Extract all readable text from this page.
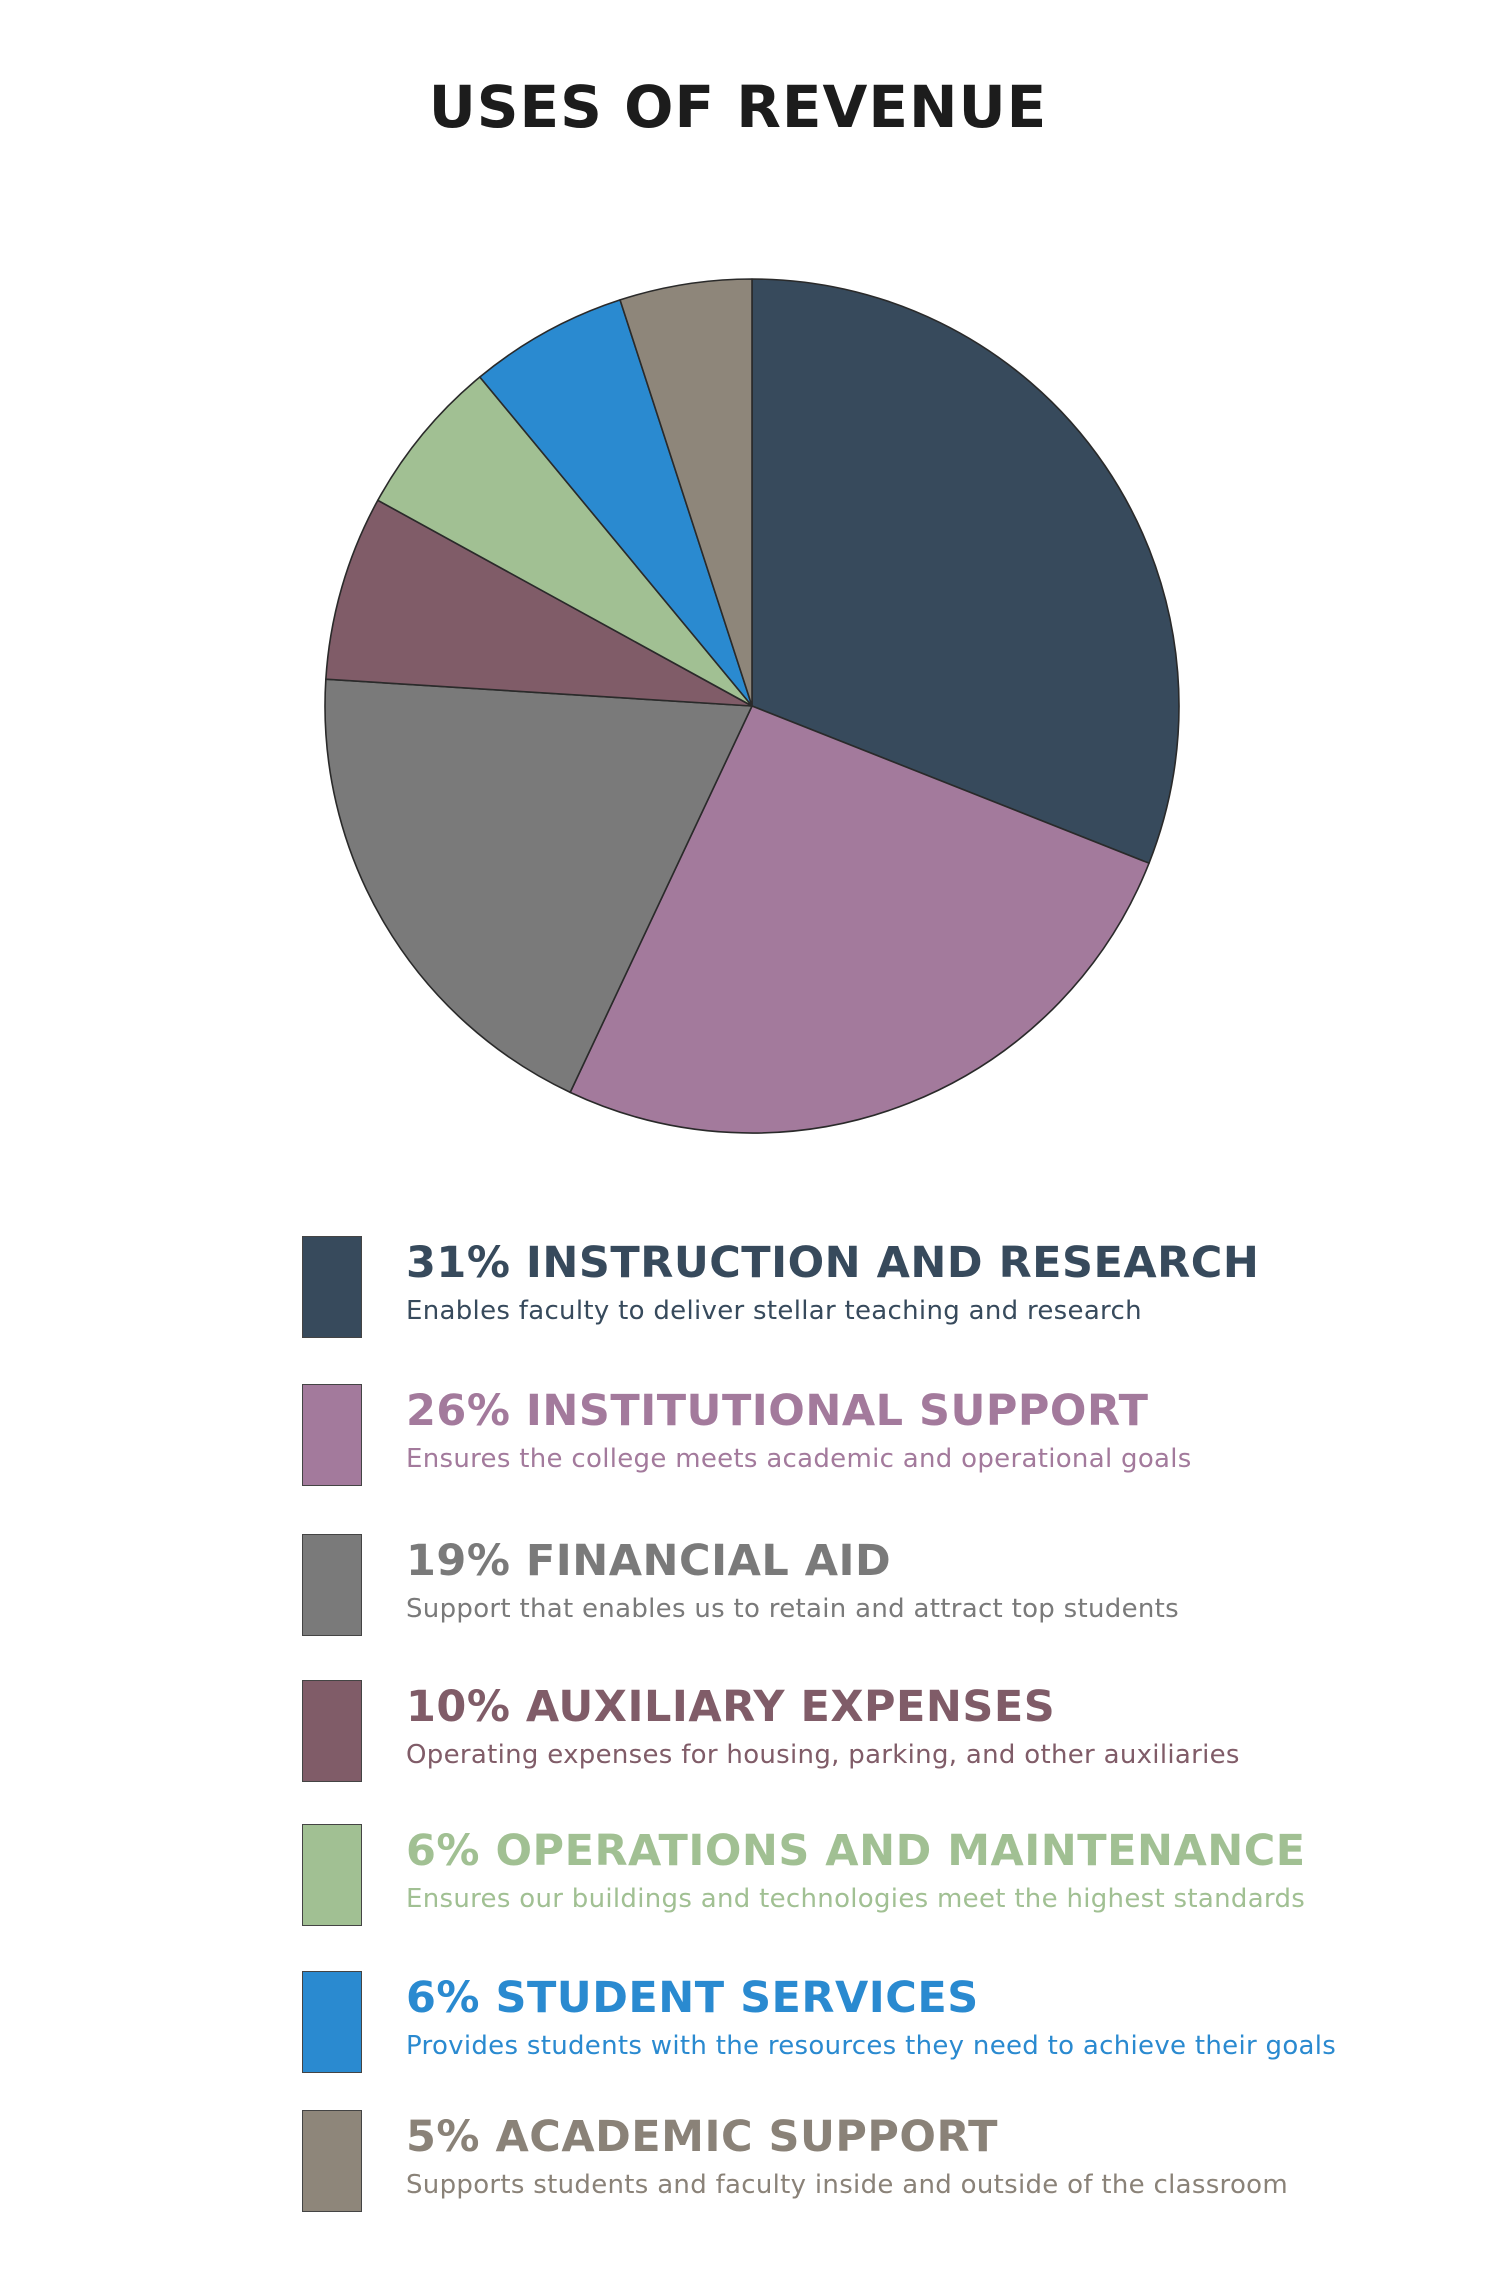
USES OF REVENUE
31% INSTRUCTION AND RESEARCH
Enables faculty to deliver stellar teaching and research
26% INSTITUTIONAL SUPPORT
Ensures the college meets academic and operational goals
19% FINANCIAL AID
Support that enables us to retain and attract top students
10% AUXILIARY EXPENSES
Operating expenses for housing, parking, and other auxiliaries
6% OPERATIONS AND MAINTENANCE
Ensures our buildings and technologies meet the highest standards
6% STUDENT SERVICES
Provides students with the resources they need to achieve their goals
5% ACADEMIC SUPPORT
Supports students and faculty inside and outside of the classroom
